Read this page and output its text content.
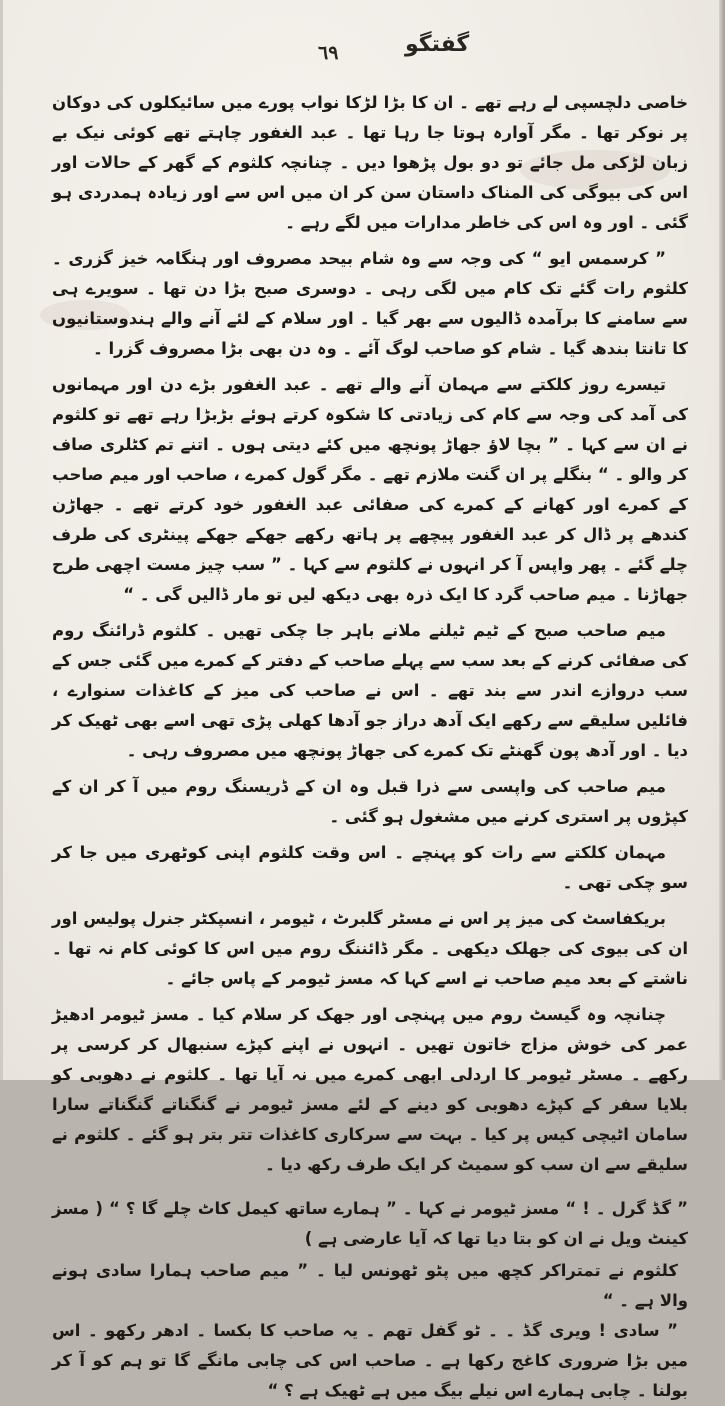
گفتگو
٦٩

خاصی دلچسپی لے رہے تھے ۔ ان کا بڑا لڑکا نواب پورے میں سائیکلوں کی دوکان پر نوکر تھا ۔ مگر آوارہ ہوتا جا رہا تھا ۔ عبد الغفور چاہتے تھے کوئی نیک بے زبان لڑکی مل جائے تو دو بول پڑھوا دیں ۔ چنانچہ کلثوم کے گھر کے حالات اور اس کی بیوگی کی المناک داستان سن کر ان میں اس سے اور زیادہ ہمدردی ہو گئی ۔ اور وہ اس کی خاطر مدارات میں لگے رہے ۔

” کرسمس ایو “ کی وجہ سے وہ شام بیحد مصروف اور ہنگامہ خیز گزری ۔ کلثوم رات گئے تک کام میں لگی رہی ۔ دوسری صبح بڑا دن تھا ۔ سویرے ہی سے سامنے کا برآمدہ ڈالیوں سے بھر گیا ۔ اور سلام کے لئے آنے والے ہندوستانیوں کا تانتا بندھ گیا ۔ شام کو صاحب لوگ آئے ۔ وہ دن بھی بڑا مصروف گزرا ۔

تیسرے روز کلکتے سے مہمان آنے والے تھے ۔ عبد الغفور بڑے دن اور مہمانوں کی آمد کی وجہ سے کام کی زیادتی کا شکوہ کرتے ہوئے بڑبڑا رہے تھے تو کلثوم نے ان سے کہا ۔ ” بچا لاؤ جھاڑ پونچھ میں کئے دیتی ہوں ۔ اتنے تم کٹلری صاف کر والو ۔ “ بنگلے پر ان گنت ملازم تھے ۔ مگر گول کمرے ، صاحب اور میم صاحب کے کمرے اور کھانے کے کمرے کی صفائی عبد الغفور خود کرتے تھے ۔ جھاڑن کندھے پر ڈال کر عبد الغفور پیچھے پر ہاتھ رکھے جھکے جھکے پینٹری کی طرف چلے گئے ۔ پھر واپس آ کر انہوں نے کلثوم سے کہا ۔ ” سب چیز مست اچھی طرح جھاڑنا ۔ میم صاحب گرد کا ایک ذرہ بھی دیکھ لیں تو مار ڈالیں گی ۔ “

میم صاحب صبح کے ٹیم ٹیلنے ملانے باہر جا چکی تھیں ۔ کلثوم ڈرائنگ روم کی صفائی کرنے کے بعد سب سے پہلے صاحب کے دفتر کے کمرے میں گئی جس کے سب دروازے اندر سے بند تھے ۔ اس نے صاحب کی میز کے کاغذات سنوارے ، فائلیں سلیقے سے رکھے ایک آدھ دراز جو آدھا کھلی پڑی تھی اسے بھی ٹھیک کر دیا ۔ اور آدھ پون گھنٹے تک کمرے کی جھاڑ پونچھ میں مصروف رہی ۔

میم صاحب کی واپسی سے ذرا قبل وہ ان کے ڈریسنگ روم میں آ کر ان کے کپڑوں پر استری کرنے میں مشغول ہو گئی ۔

مہمان کلکتے سے رات کو پہنچے ۔ اس وقت کلثوم اپنی کوٹھری میں جا کر سو چکی تھی ۔

بریکفاسٹ کی میز پر اس نے مسٹر گلبرٹ ، ٹیومر ، انسپکٹر جنرل پولیس اور ان کی بیوی کی جھلک دیکھی ۔ مگر ڈائننگ روم میں اس کا کوئی کام نہ تھا ۔ ناشتے کے بعد میم صاحب نے اسے کہا کہ مسز ٹیومر کے پاس جائے ۔

چنانچہ وہ گیسٹ روم میں پہنچی اور جھک کر سلام کیا ۔ مسز ٹیومر ادھیڑ عمر کی خوش مزاج خاتون تھیں ۔ انہوں نے اپنے کپڑے سنبھال کر کرسی پر رکھے ۔ مسٹر ٹیومر کا اردلی ابھی کمرے میں نہ آیا تھا ۔ کلثوم نے دھوبی کو بلایا سفر کے کپڑے دھوبی کو دینے کے لئے مسز ٹیومر نے گنگناتے گنگناتے سارا سامان اٹیچی کیس پر کیا ۔ بہت سے سرکاری کاغذات تتر بتر ہو گئے ۔ کلثوم نے سلیقے سے ان سب کو سمیٹ کر ایک طرف رکھ دیا ۔

” گڈ گرل ۔ ! “ مسز ٹیومر نے کہا ۔ ” ہمارے ساتھ کیمل کاٹ چلے گا ؟ “ ( مسز کینٹ ویل نے ان کو بتا دیا تھا کہ آیا عارضی ہے )

کلثوم نے تمتراکر کچھ میں پٹو ٹھونس لیا ۔ ” میم صاحب ہمارا سادی ہونے والا ہے ۔ “

” سادی ! ویری گڈ ۔ ۔ ٹو گفل تھم ۔ یہ صاحب کا بکسا ۔ ادھر رکھو ۔ اس میں بڑا ضروری کاغج رکھا ہے ۔ صاحب اس کی چابی مانگے گا تو ہم کو آ کر بولنا ۔ چابی ہمارے اس نیلے بیگ میں ہے ٹھیک ہے ؟ “
